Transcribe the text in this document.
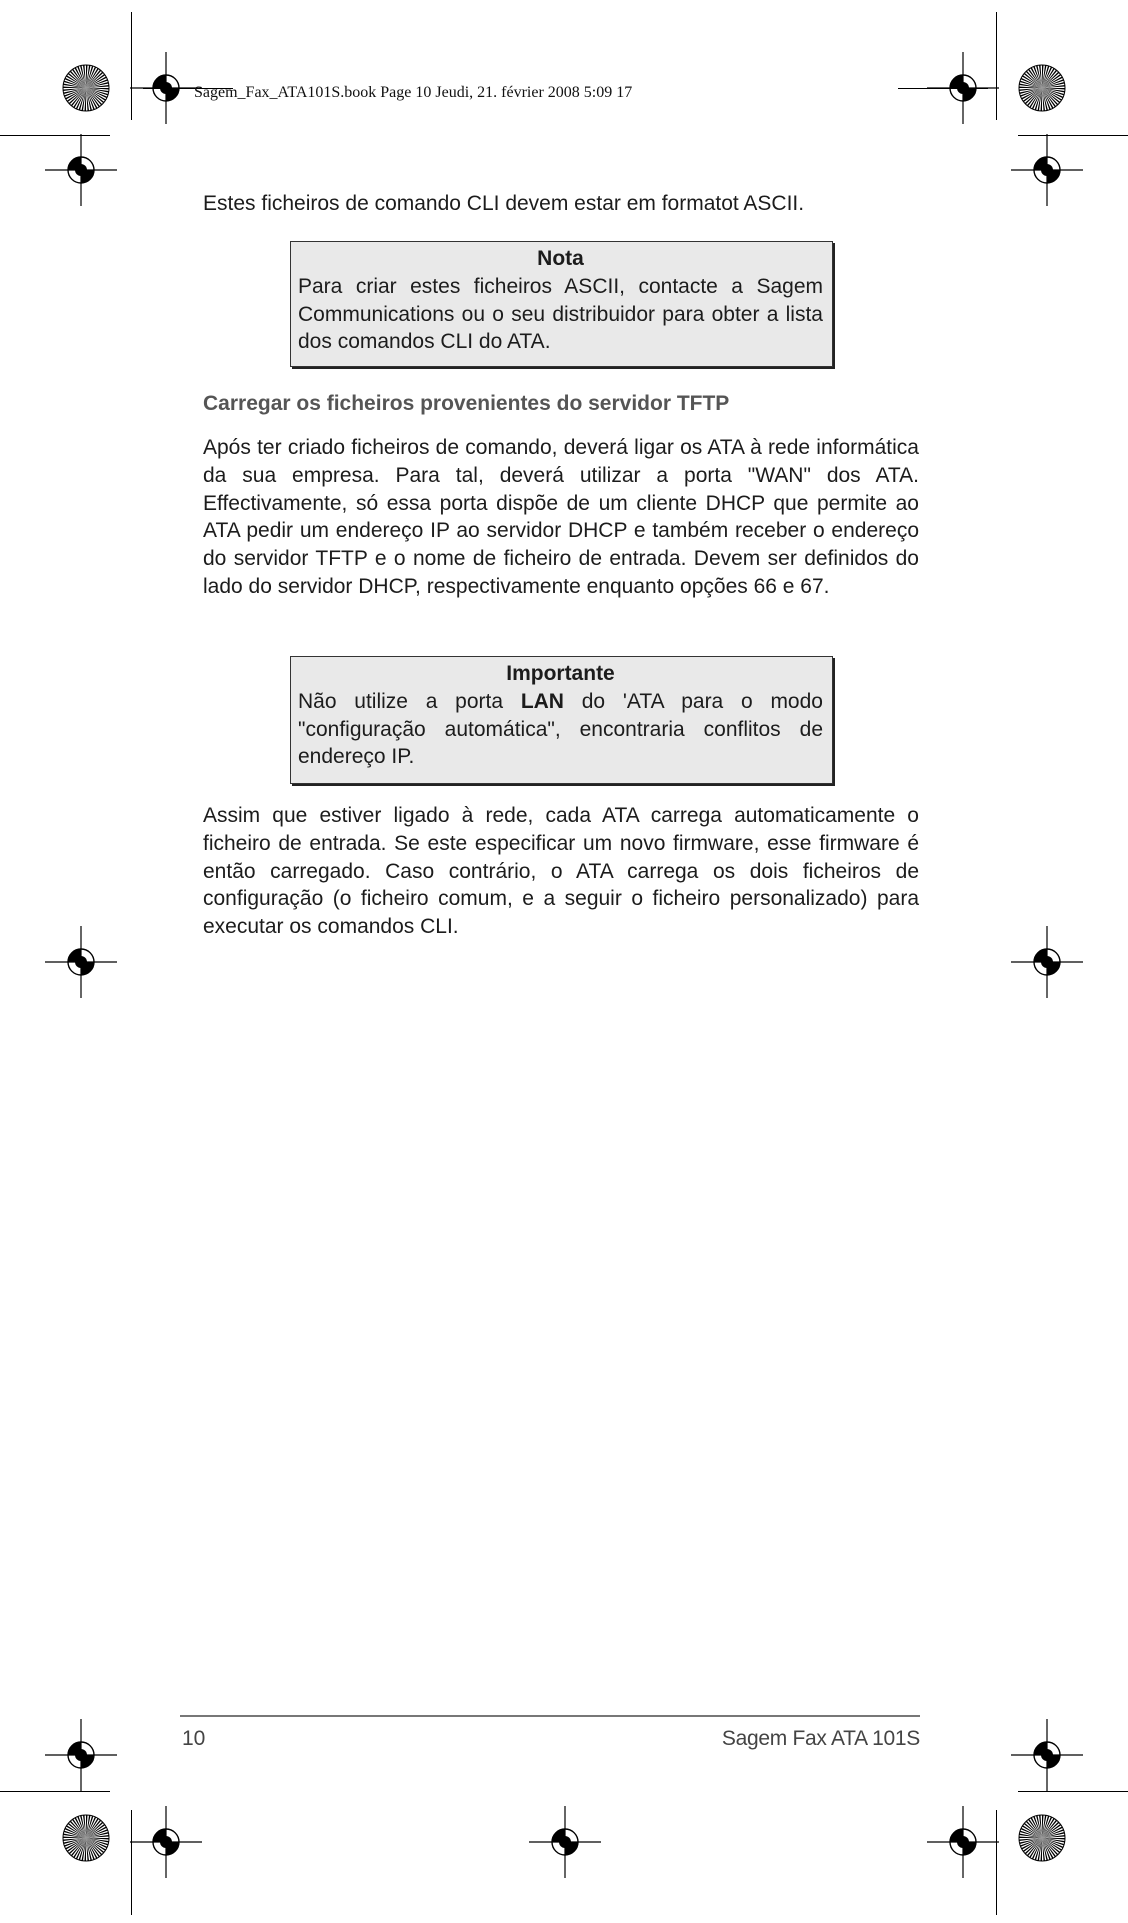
Sagem_Fax_ATA101S.book Page 10 Jeudi, 21. février 2008 5:09 17
Estes ficheiros de comando CLI devem estar em formatot ASCII.
Nota
Para criar estes ficheiros ASCII, contacte a Sagem Communications ou o seu distribuidor para obter a lista dos comandos CLI do ATA.
Carregar os ficheiros provenientes do servidor TFTP
Após ter criado ficheiros de comando, deverá ligar os ATA à rede informática da sua empresa. Para tal, deverá utilizar a porta "WAN" dos ATA. Effectivamente, só essa porta dispõe de um cliente DHCP que permite ao ATA pedir um endereço IP ao servidor DHCP e também receber o endereço do servidor TFTP e o nome de ficheiro de entrada. Devem ser definidos do lado do servidor DHCP, respectivamente enquanto opções 66 e 67.
Importante
Não utilize a porta LAN do 'ATA para o modo "configuração automática", encontraria conflitos de endereço IP.
Assim que estiver ligado à rede, cada ATA carrega automaticamente o ficheiro de entrada. Se este especificar um novo firmware, esse firmware é então carregado. Caso contrário, o ATA carrega os dois ficheiros de configuração (o ficheiro comum, e a seguir o ficheiro personalizado) para executar os comandos CLI.
10	Sagem Fax ATA 101S
